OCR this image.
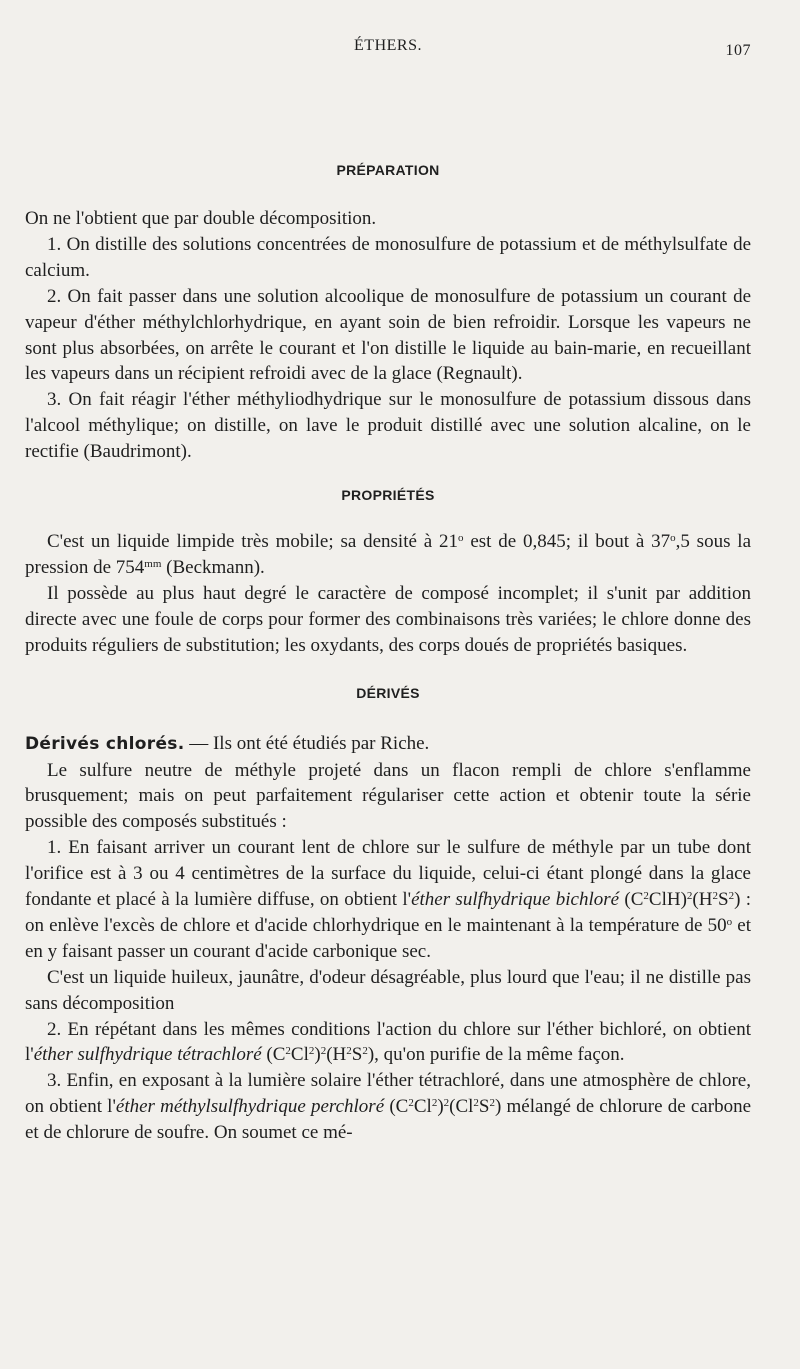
ÉTHERS.	107
PRÉPARATION

On ne l'obtient que par double décomposition.

1. On distille des solutions concentrées de monosulfure de potassium et de méthylsulfate de calcium.

2. On fait passer dans une solution alcoolique de monosulfure de potassium un courant de vapeur d'éther méthylchlorhydrique, en ayant soin de bien refroidir. Lorsque les vapeurs ne sont plus absorbées, on arrête le courant et l'on distille le liquide au bain-marie, en recueillant les vapeurs dans un récipient refroidi avec de la glace (Regnault).

3. On fait réagir l'éther méthyliodhydrique sur le monosulfure de potassium dissous dans l'alcool méthylique; on distille, on lave le produit distillé avec une solution alcaline, on le rectifie (Baudrimont).

PROPRIÉTÉS

C'est un liquide limpide très mobile; sa densité à 21$^o$ est de 0,845; il bout à 37$^o$,5 sous la pression de $754^{mm}$ (Beckmann).

Il possède au plus haut degré le caractère de composé incomplet; il s'unit par addition directe avec une foule de corps pour former des combinaisons très variées; le chlore donne des produits réguliers de substitution; les oxydants, des corps doués de propriétés basiques.

DÉRIVÉS

Dérivés chlorés. — Ils ont été étudiés par Riche.

Le sulfure neutre de méthyle projeté dans un flacon rempli de chlore s'enflamme brusquement; mais on peut parfaitement régulariser cette action et obtenir toute la série possible des composés substitués :

1. En faisant arriver un courant lent de chlore sur le sulfure de méthyle par un tube dont l'orifice est à 3 ou 4 centimètres de la surface du liquide, celui-ci étant plongé dans la glace fondante et placé à la lumière diffuse, on obtient l'éther sulfhydrique bichloré $(C^2ClH)^2(H^2S^2)$ : on enlève l'excès de chlore et d'acide chlorhydrique en le maintenant à la température de 50$^o$ et en y faisant passer un courant d'acide carbonique sec.

C'est un liquide huileux, jaunâtre, d'odeur désagréable, plus lourd que l'eau; il ne distille pas sans décomposition

2. En répétant dans les mêmes conditions l'action du chlore sur l'éther bichloré, on obtient l'éther sulfhydrique tétrachloré $(C^2Cl^2)^2(H^2S^2)$, qu'on purifie de la même façon.

3. Enfin, en exposant à la lumière solaire l'éther tétrachloré, dans une atmosphère de chlore, on obtient l'éther méthylsulfhydrique perchloré $(C^2Cl^2)^2(Cl^2S^2)$ mélangé de chlorure de carbone et de chlorure de soufre. On soumet ce mé-
